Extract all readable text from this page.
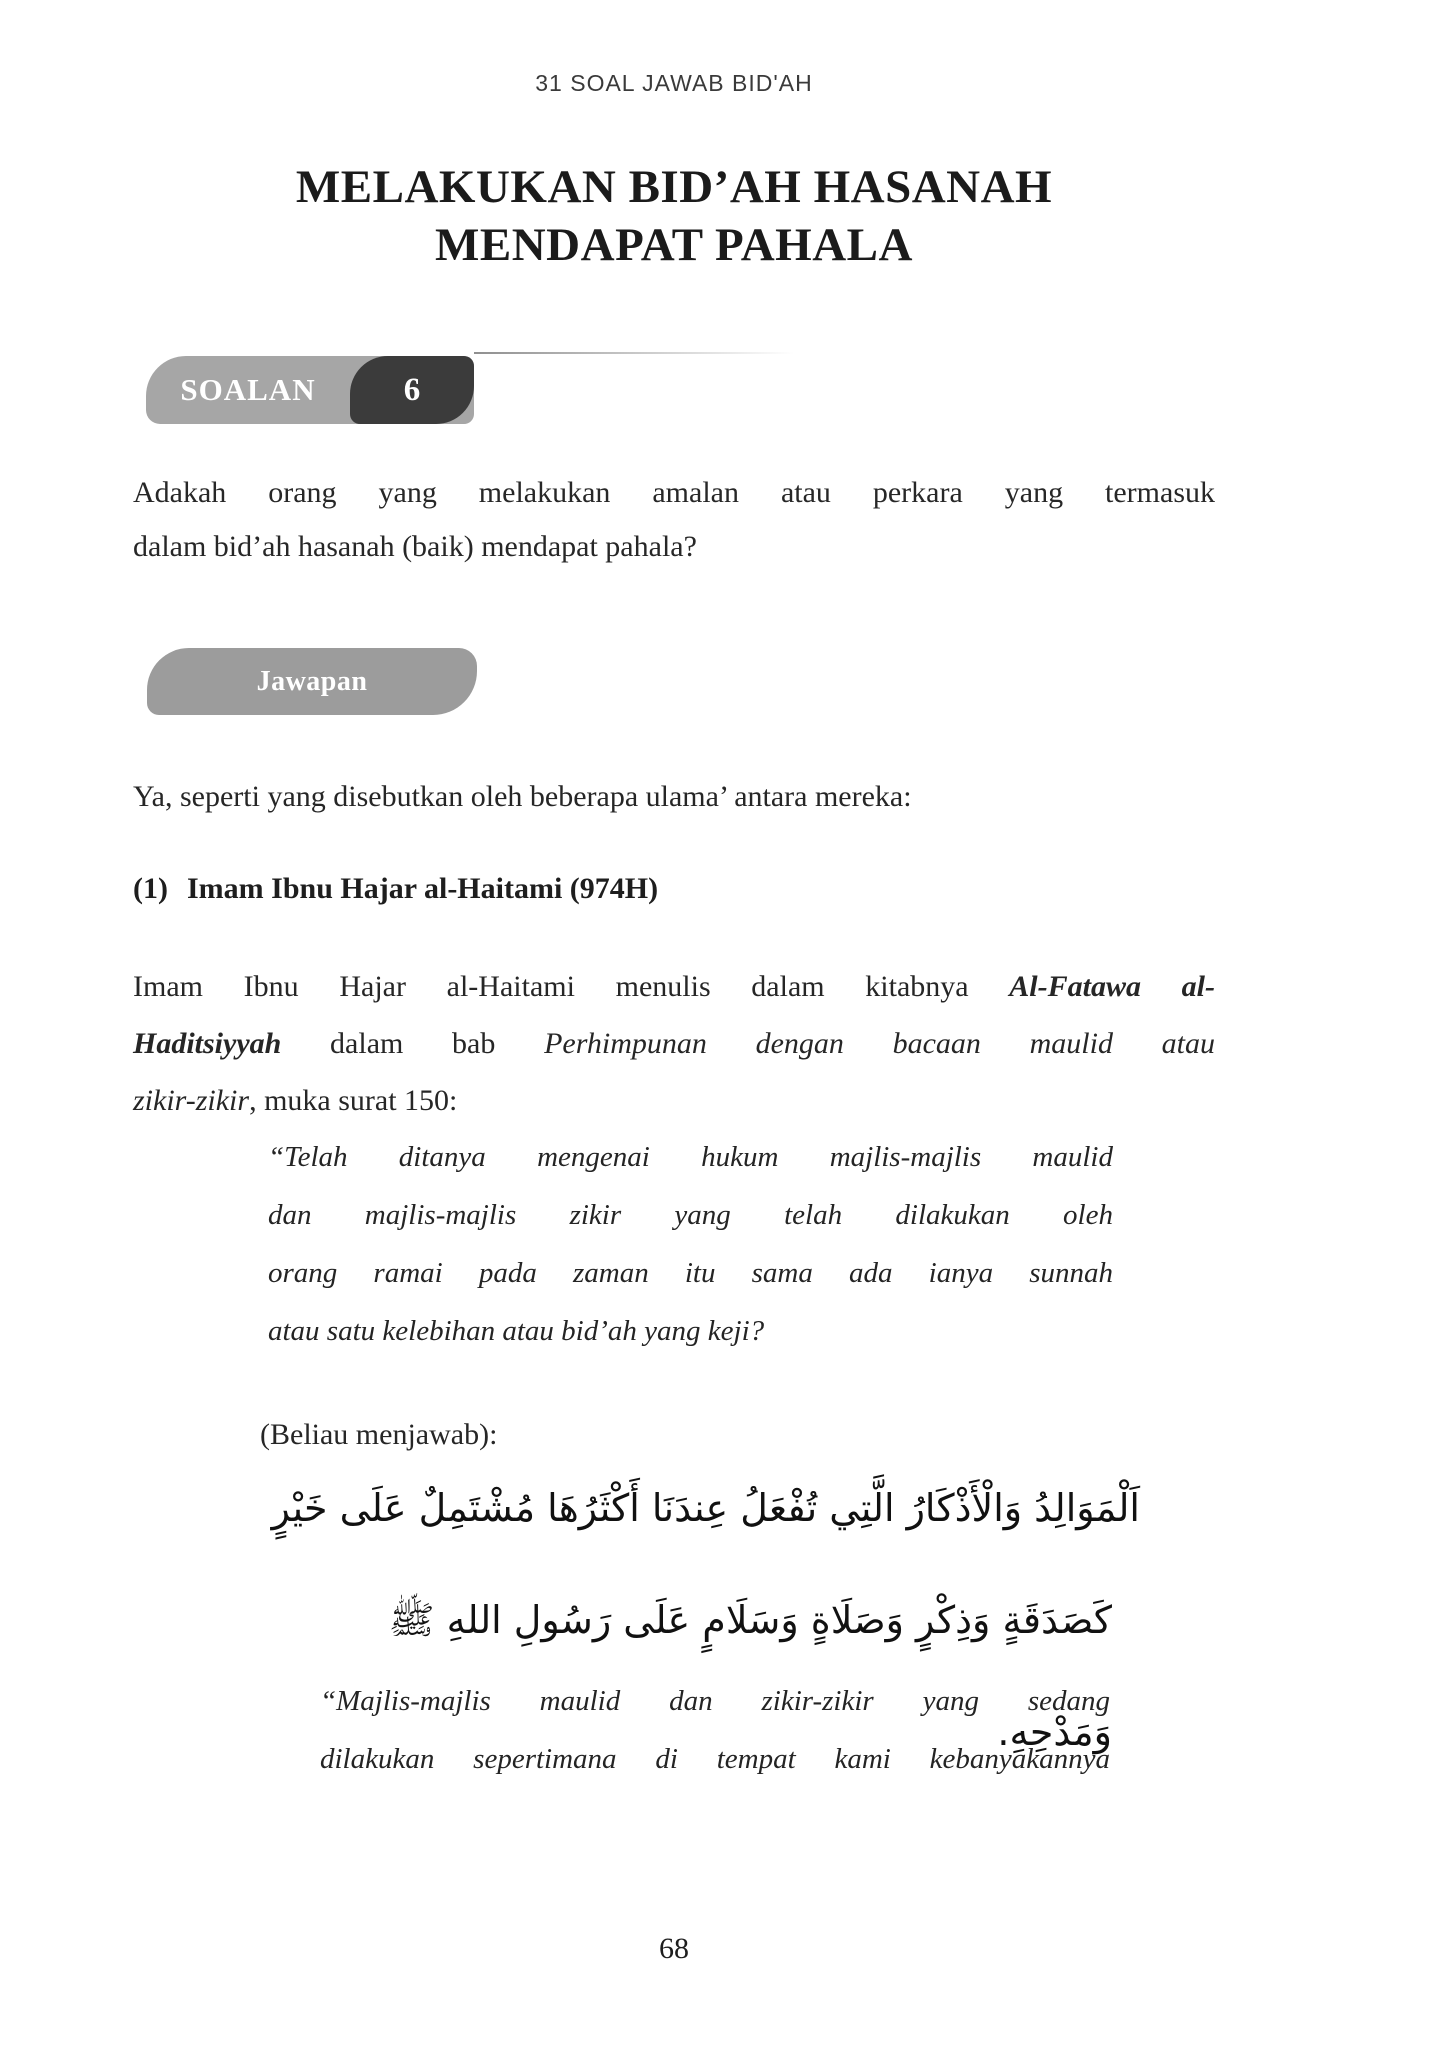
31 SOAL JAWAB BID'AH
MELAKUKAN BID’AH HASANAH
MENDAPAT PAHALA
SOALAN	6
Adakah orang yang melakukan amalan atau perkara yang termasuk
dalam bid’ah hasanah (baik) mendapat pahala?
Jawapan
Ya, seperti yang disebutkan oleh beberapa ulama’ antara mereka:
(1) Imam Ibnu Hajar al-Haitami (974H)
Imam Ibnu Hajar al-Haitami menulis dalam kitabnya Al-Fatawa al-
Haditsiyyah dalam bab Perhimpunan dengan bacaan maulid atau
zikir-zikir, muka surat 150:
“Telah ditanya mengenai hukum majlis-majlis maulid
dan majlis-majlis zikir yang telah dilakukan oleh
orang ramai pada zaman itu sama ada ianya sunnah
atau satu kelebihan atau bid’ah yang keji?
(Beliau menjawab):
اَلْمَوَالِدُ وَالْأَذْكَارُ الَّتِي تُفْعَلُ عِندَنَا أَكْثَرُهَا مُشْتَمِلٌ عَلَى خَيْرٍ
كَصَدَقَةٍ وَذِكْرٍ وَصَلَاةٍ وَسَلَامٍ عَلَى رَسُولِ اللهِ ﷺ وَمَدْحِهِ.
“Majlis-majlis maulid dan zikir-zikir yang sedang
dilakukan sepertimana di tempat kami kebanyakannya
68
